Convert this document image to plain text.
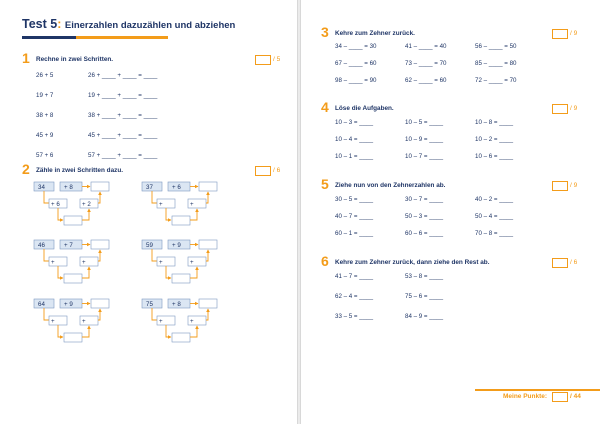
Test 5: Einerzahlen dazuzählen und abziehen
1 Rechne in zwei Schritten.	/ 5
26 + 5	26 + ____ + ____ = ____
19 + 7	19 + ____ + ____ = ____
38 + 8	38 + ____ + ____ = ____
45 + 9	45 + ____ + ____ = ____
57 + 6	57 + ____ + ____ = ____
2 Zähle in zwei Schritten dazu.	/ 6
34	+ 8
+ 6	+ 2
37	+ 6
+	+
46	+ 7
+	+
59	+ 9
+	+
64	+ 9
+	+
75	+ 8
+	+
3 Kehre zum Zehner zurück.	/ 9
34 – ____ = 30	41 – ____ = 40	56 – ____ = 50
67 – ____ = 60	73 – ____ = 70	85 – ____ = 80
98 – ____ = 90	62 – ____ = 60	72 – ____ = 70
4 Löse die Aufgaben.	/ 9
10 – 3 = ____	10 – 5 = ____	10 – 8 = ____
10 – 4 = ____	10 – 9 = ____	10 – 2 = ____
10 – 1 = ____	10 – 7 = ____	10 – 6 = ____
5 Ziehe nun von den Zehnerzahlen ab.	/ 9
30 – 5 = ____	30 – 7 = ____	40 – 2 = ____
40 – 7 = ____	50 – 3 = ____	50 – 4 = ____
60 – 1 = ____	60 – 6 = ____	70 – 8 = ____
6 Kehre zum Zehner zurück, dann ziehe den Rest ab.	/ 6
41 – 7 = ____	53 – 8 = ____
62 – 4 = ____	75 – 6 = ____
33 – 5 = ____	84 – 9 = ____
Meine Punkte:	/ 44
